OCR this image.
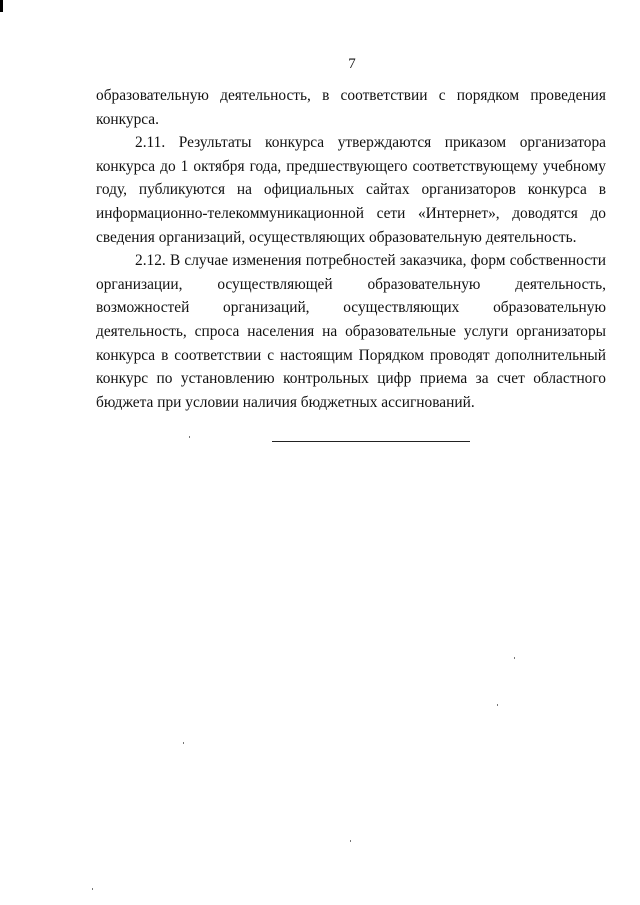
7

образовательную деятельность, в соответствии с порядком проведения конкурса.

2.11. Результаты конкурса утверждаются приказом организатора конкурса до 1 октября года, предшествующего соответствующему учебному году, публикуются на официальных сайтах организаторов конкурса в информационно-телекоммуникационной сети «Интернет», доводятся до сведения организаций, осуществляющих образовательную деятельность.

2.12. В случае изменения потребностей заказчика, форм собственности организации, осуществляющей образовательную деятельность, возможностей организаций, осуществляющих образовательную деятельность, спроса населения на образовательные услуги организаторы конкурса в соответствии с настоящим Порядком проводят дополнительный конкурс по установлению контрольных цифр приема за счет областного бюджета при условии наличия бюджетных ассигнований.
